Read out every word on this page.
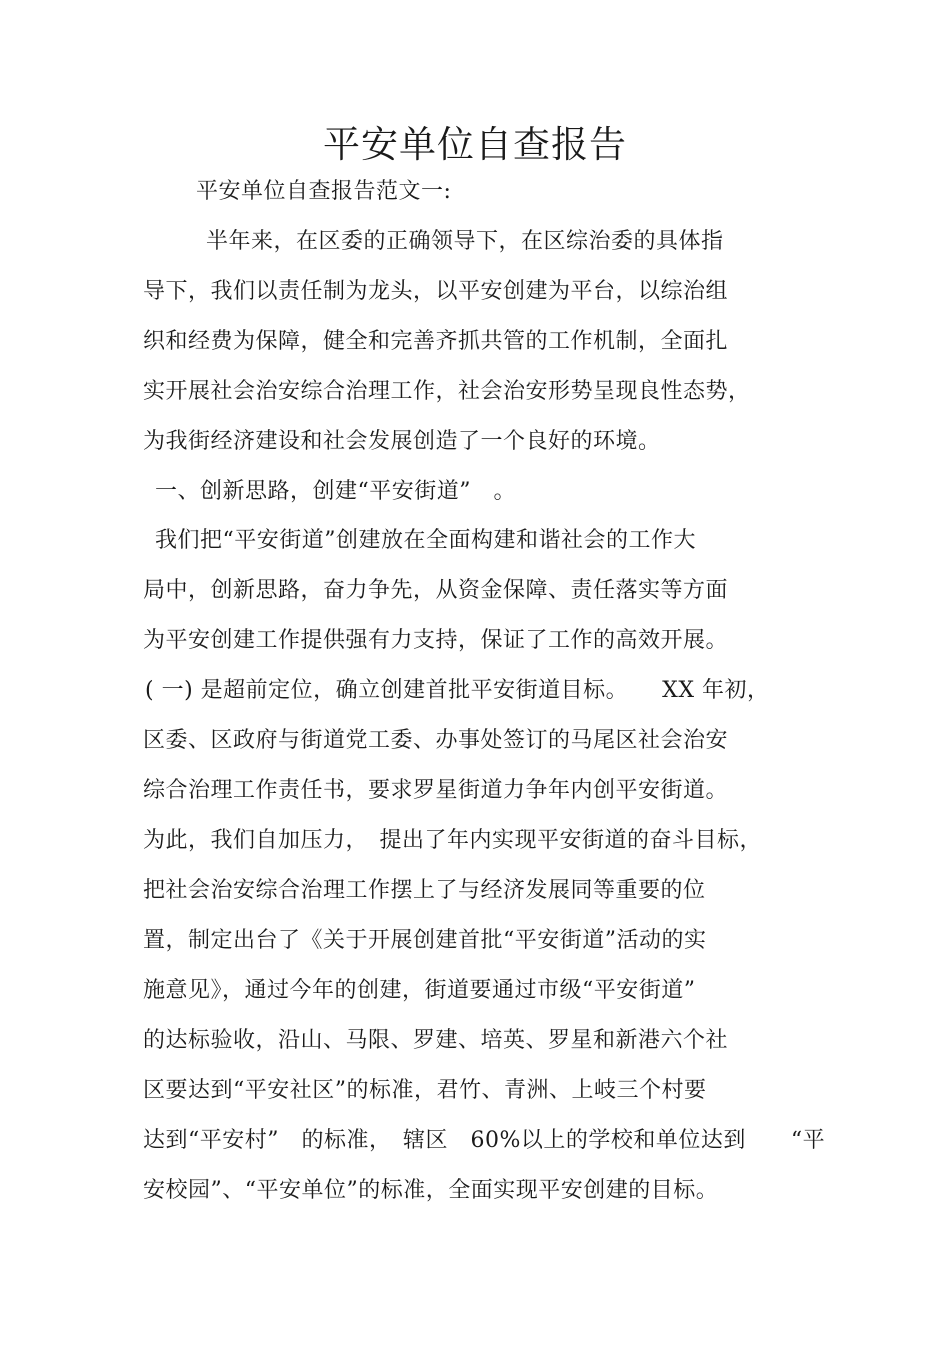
平安单位自查报告
平安单位自查报告范文一:
半年来，在区委的正确领导下，在区综治委的具体指
导下，我们以责任制为龙头，以平安创建为平台，以综治组
织和经费为保障，健全和完善齐抓共管的工作机制，全面扎
实开展社会治安综合治理工作，社会治安形势呈现良性态势，
为我街经济建设和社会发展创造了一个良好的环境。
一、创新思路，创建“平安街道”　。
我们把“平安街道”创建放在全面构建和谐社会的工作大
局中，创新思路，奋力争先，从资金保障、责任落实等方面
为平安创建工作提供强有力支持，保证了工作的高效开展。
( 一) 是超前定位，确立创建首批平安街道目标。　　XX 年初，
区委、区政府与街道党工委、办事处签订的马尾区社会治安
综合治理工作责任书，要求罗星街道力争年内创平安街道。
为此，我们自加压力，　提出了年内实现平安街道的奋斗目标，
把社会治安综合治理工作摆上了与经济发展同等重要的位
置，制定出台了《关于开展创建首批“平安街道”活动的实
施意见》，通过今年的创建，街道要通过市级“平安街道”
的达标验收，沿山、马限、罗建、培英、罗星和新港六个社
区要达到“平安社区”的标准，君竹、青洲、上岐三个村要
达到“平安村”　的标准，　辖区　60%以上的学校和单位达到　　“平
安校园”、“平安单位”的标准，全面实现平安创建的目标。
